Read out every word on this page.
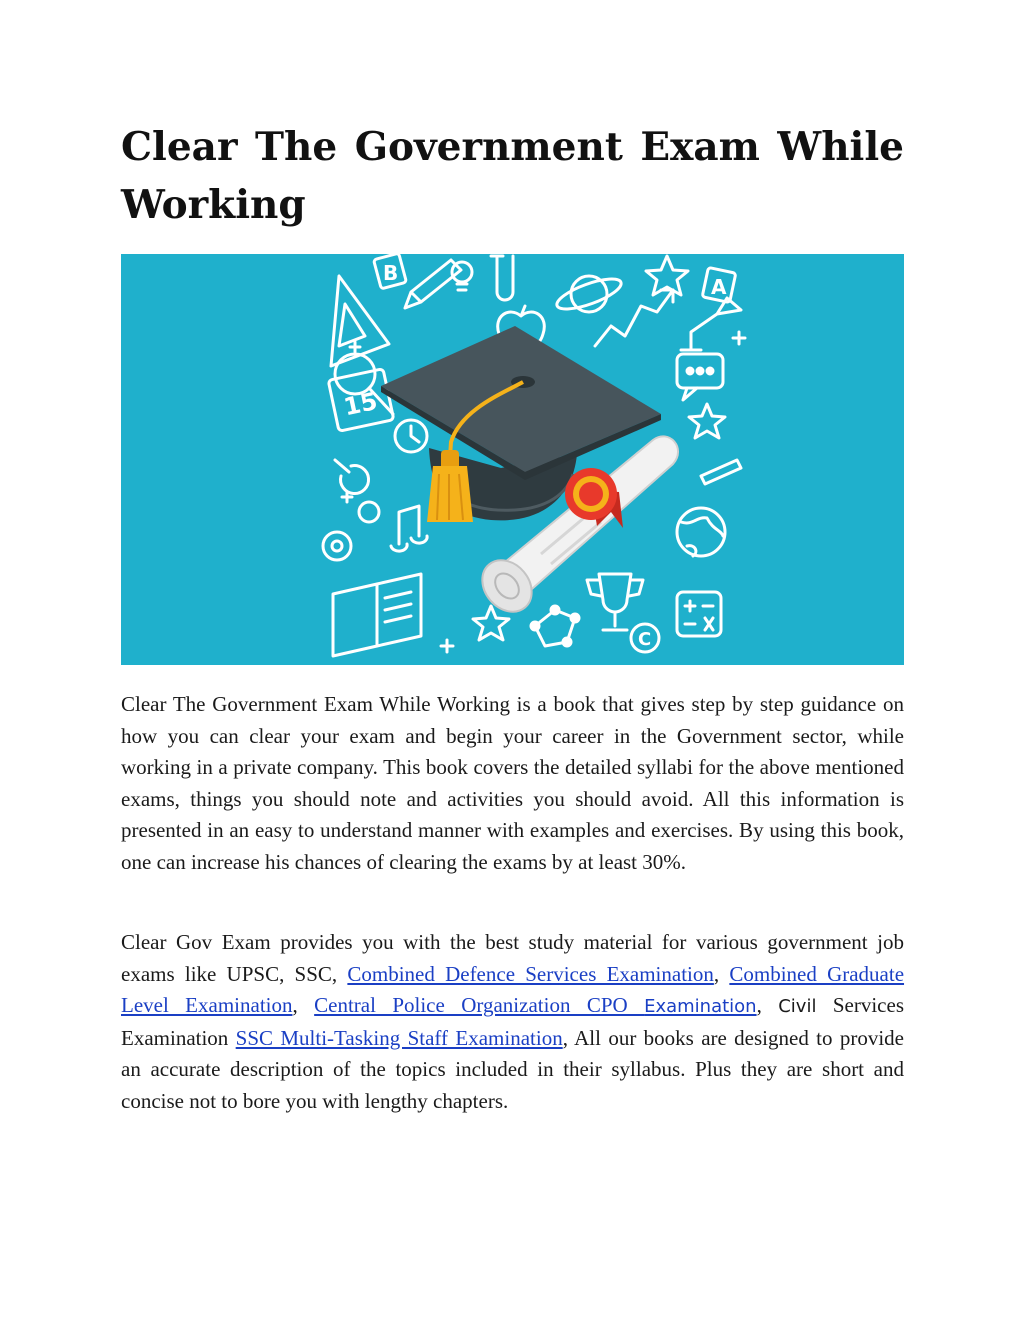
Clear The Government Exam While Working
B
A
C
15

Clear The Government Exam While Working is a book that gives step by step guidance on how you can clear your exam and begin your career in the Government sector, while working in a private company. This book covers the detailed syllabi for the above mentioned exams, things you should note and activities you should avoid. All this information is presented in an easy to understand manner with examples and exercises. By using this book, one can increase his chances of clearing the exams by at least 30%.

Clear Gov Exam provides you with the best study material for various government job exams like UPSC, SSC, Combined Defence Services Examination, Combined Graduate Level Examination, Central Police Organization CPO Examination, Civil Services Examination SSC Multi-Tasking Staff Examination, All our books are designed to provide an accurate description of the topics included in their syllabus. Plus they are short and concise not to bore you with lengthy chapters.
